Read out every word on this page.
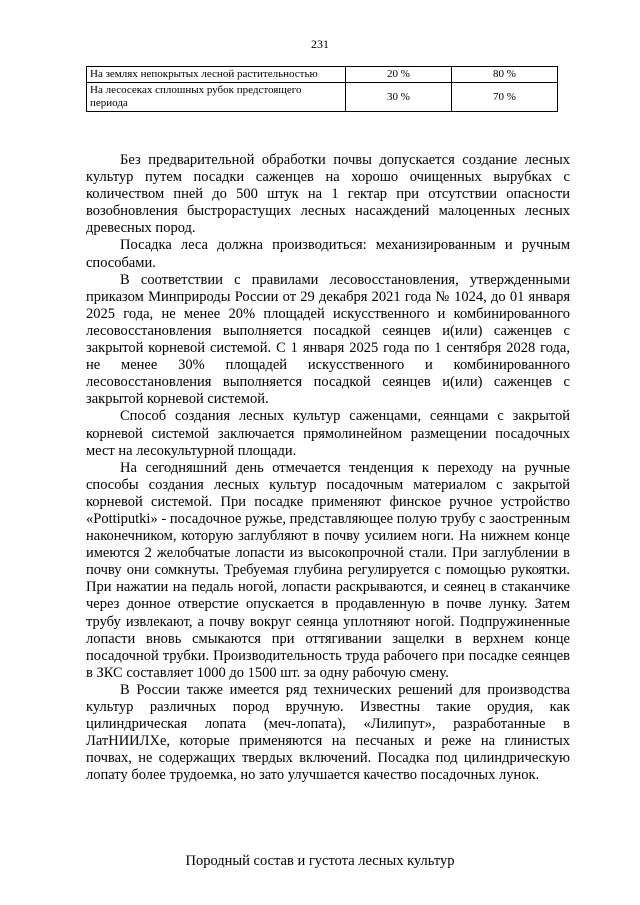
231
На землях непокрытых лесной растительностью	20 %	80 %
На лесосеках сплошных рубок предстоящего периода	30 %	70 %

Без предварительной обработки почвы допускается создание лесных культур путем посадки саженцев на хорошо очищенных вырубках с количеством пней до 500 штук на 1 гектар при отсутствии опасности возобновления быстрорастущих лесных насаждений малоценных лесных древесных пород.

Посадка леса должна производиться: механизированным и ручным способами.

В соответствии с правилами лесовосстановления, утвержденными приказом Минприроды России от 29 декабря 2021 года № 1024, до 01 января 2025 года, не менее 20% площадей искусственного и комбинированного лесовосстановления выполняется посадкой сеянцев и(или) саженцев с закрытой корневой системой. С 1 января 2025 года по 1 сентября 2028 года, не менее 30% площадей искусственного и комбинированного лесовосстановления выполняется посадкой сеянцев и(или) саженцев с закрытой корневой системой.

Способ создания лесных культур саженцами, сеянцами с закрытой корневой системой заключается прямолинейном размещении посадочных мест на лесокультурной площади.

На сегодняшний день отмечается тенденция к переходу на ручные способы создания лесных культур посадочным материалом с закрытой корневой системой. При посадке применяют финское ручное устройство «Pottiputki» - посадочное ружье, представляющее полую трубу с заостренным наконечником, которую заглубляют в почву усилием ноги. На нижнем конце имеются 2 желобчатые лопасти из высокопрочной стали. При заглублении в почву они сомкнуты. Требуемая глубина регулируется с помощью рукоятки. При нажатии на педаль ногой, лопасти раскрываются, и сеянец в стаканчике через донное отверстие опускается в продавленную в почве лунку. Затем трубу извлекают, а почву вокруг сеянца уплотняют ногой. Подпружиненные лопасти вновь смыкаются при оттягивании защелки в верхнем конце посадочной трубки. Производительность труда рабочего при посадке сеянцев в ЗКС составляет 1000 до 1500 шт. за одну рабочую смену.

В России также имеется ряд технических решений для производства культур различных пород вручную. Известны такие орудия, как цилиндрическая лопата (меч-лопата), «Лилипут», разработанные в ЛатНИИЛХе, которые применяются на песчаных и реже на глинистых почвах, не содержащих твердых включений. Посадка под цилиндрическую лопату более трудоемка, но зато улучшается качество посадочных лунок.

Породный состав и густота лесных культур
